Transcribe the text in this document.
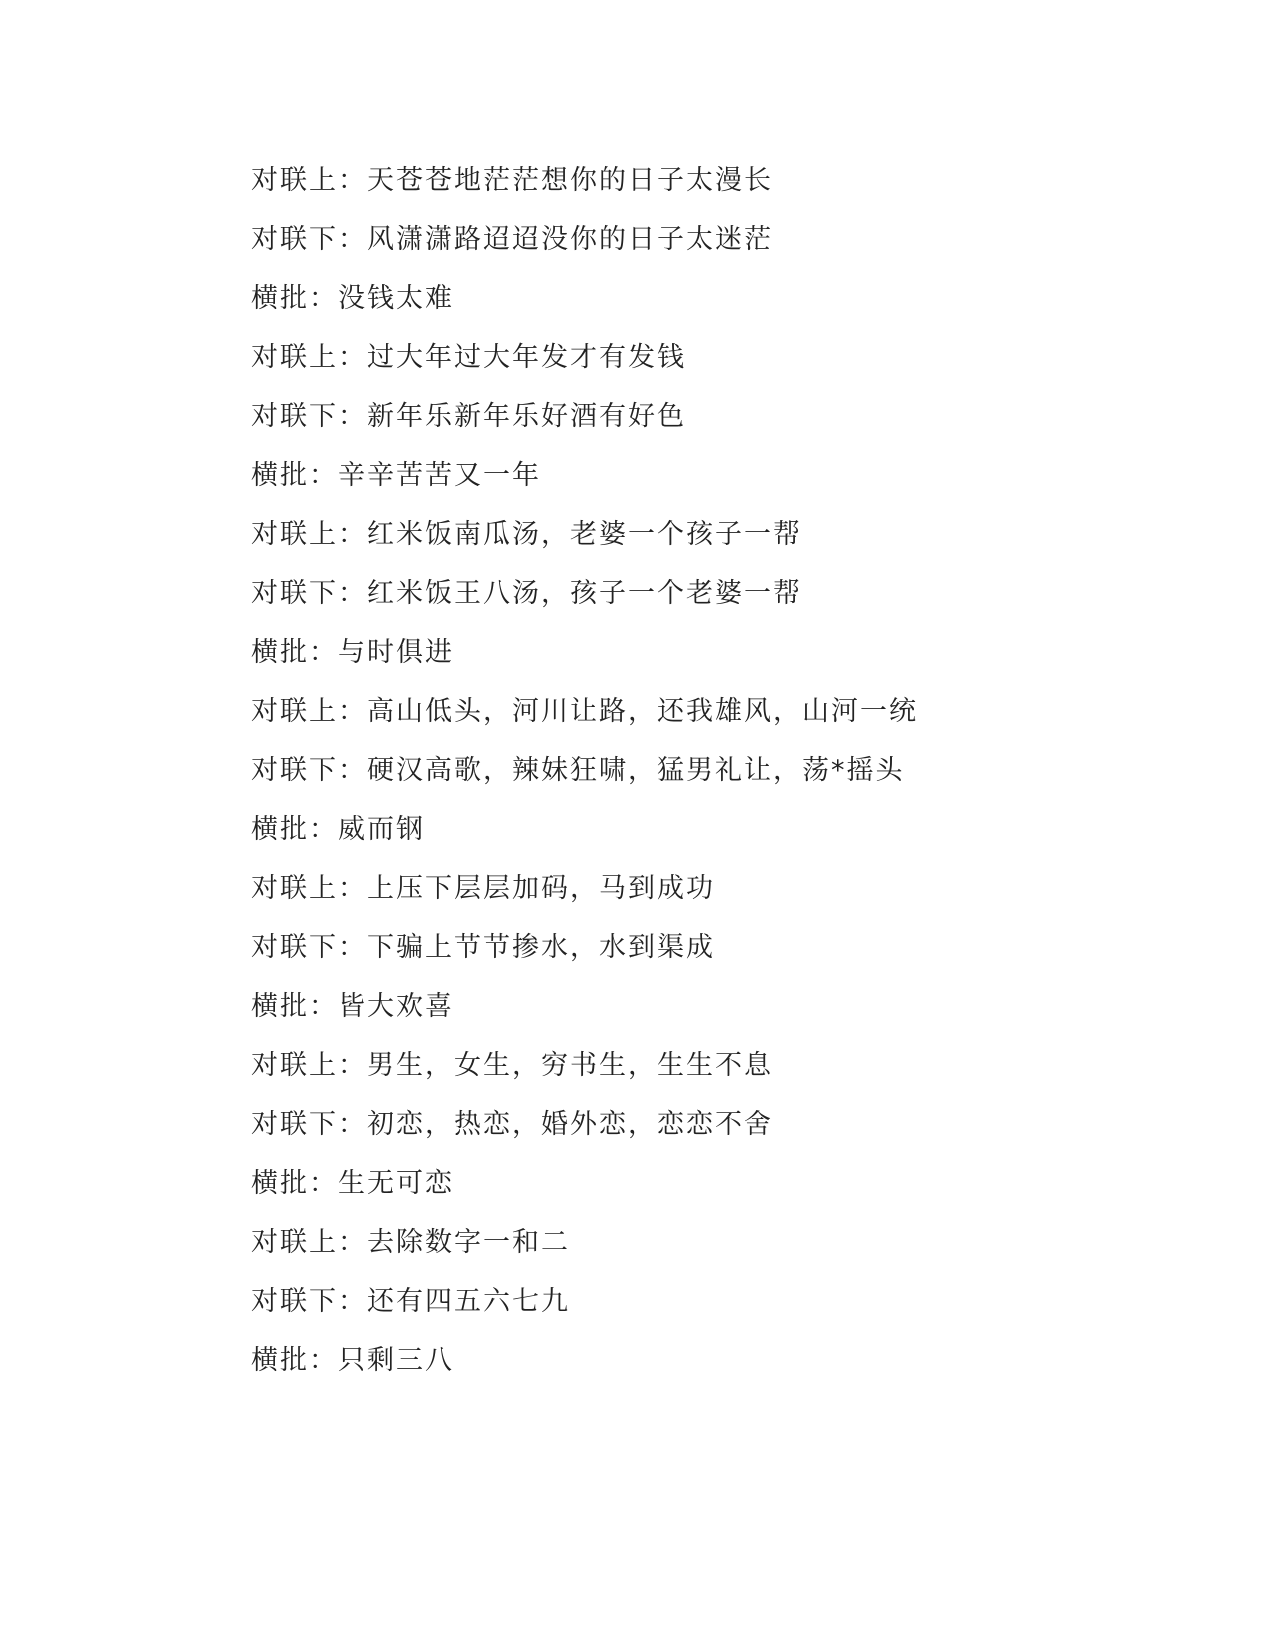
对联上：天苍苍地茫茫想你的日子太漫长
对联下：风潇潇路迢迢没你的日子太迷茫
横批：没钱太难
对联上：过大年过大年发才有发钱
对联下：新年乐新年乐好酒有好色
横批：辛辛苦苦又一年
对联上：红米饭南瓜汤，老婆一个孩子一帮
对联下：红米饭王八汤，孩子一个老婆一帮
横批：与时俱进
对联上：高山低头，河川让路，还我雄风，山河一统
对联下：硬汉高歌，辣妹狂啸，猛男礼让，荡*摇头
横批：威而钢
对联上：上压下层层加码，马到成功
对联下：下骗上节节掺水，水到渠成
横批：皆大欢喜
对联上：男生，女生，穷书生，生生不息
对联下：初恋，热恋，婚外恋，恋恋不舍
横批：生无可恋
对联上：去除数字一和二
对联下：还有四五六七九
横批：只剩三八
